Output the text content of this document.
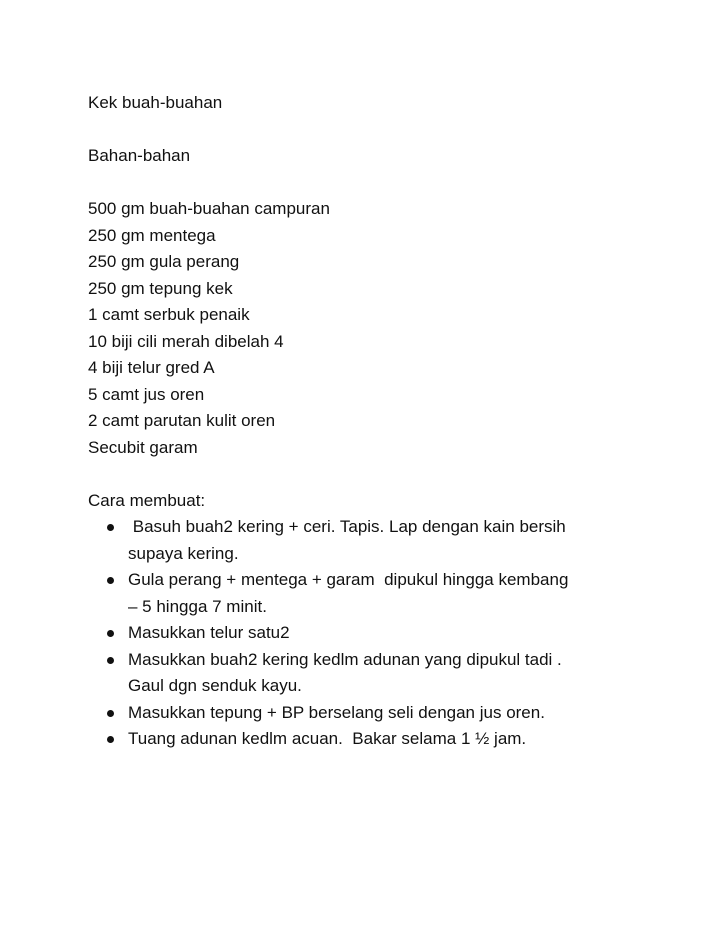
Kek buah-buahan
Bahan-bahan
500 gm buah-buahan campuran
250 gm mentega
250 gm gula perang
250 gm tepung kek
1 camt serbuk penaik
10 biji cili merah dibelah 4
4 biji telur gred A
5 camt jus oren
2 camt parutan kulit oren
Secubit garam
Cara membuat:
Basuh buah2 kering + ceri. Tapis. Lap dengan kain bersih
supaya kering.
Gula perang + mentega + garam  dipukul hingga kembang
– 5 hingga 7 minit.
Masukkan telur satu2
Masukkan buah2 kering kedlm adunan yang dipukul tadi .
Gaul dgn senduk kayu.
Masukkan tepung + BP berselang seli dengan jus oren.
Tuang adunan kedlm acuan.  Bakar selama 1 ½ jam.
